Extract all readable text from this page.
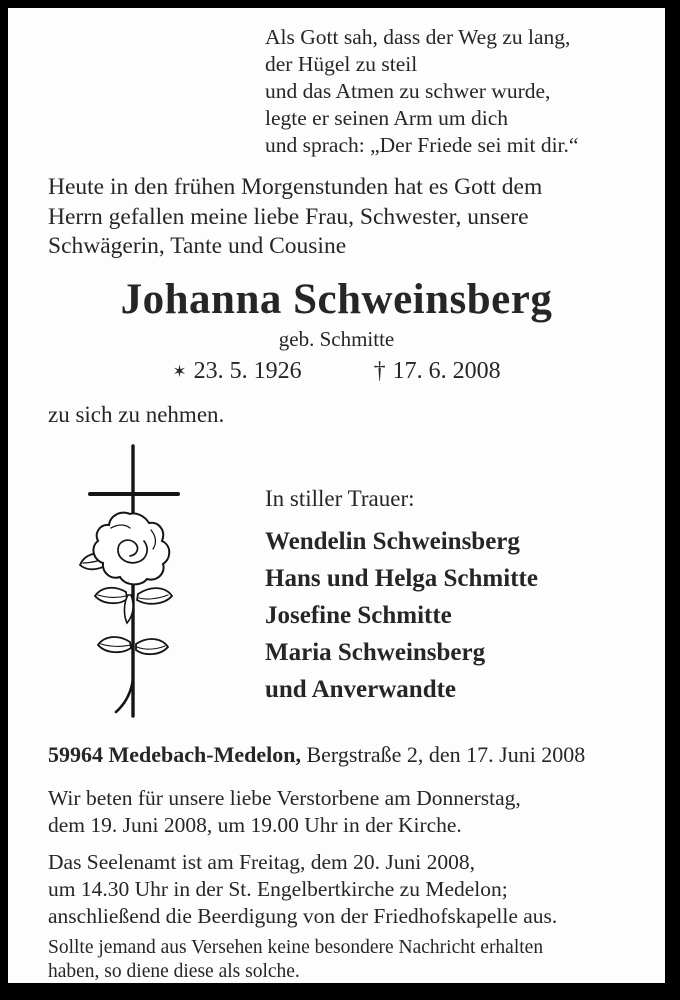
Als Gott sah, dass der Weg zu lang,
der Hügel zu steil
und das Atmen zu schwer wurde,
legte er seinen Arm um dich
und sprach: „Der Friede sei mit dir.“
Heute in den frühen Morgenstunden hat es Gott dem
Herrn gefallen meine liebe Frau, Schwester, unsere
Schwägerin, Tante und Cousine
Johanna Schweinsberg
geb. Schmitte
✶ 23. 5. 1926	† 17. 6. 2008
zu sich zu nehmen.
In stiller Trauer:
Wendelin Schweinsberg
Hans und Helga Schmitte
Josefine Schmitte
Maria Schweinsberg
und Anverwandte
59964 Medebach-Medelon, Bergstraße 2, den 17. Juni 2008
Wir beten für unsere liebe Verstorbene am Donnerstag,
dem 19. Juni 2008, um 19.00 Uhr in der Kirche.
Das Seelenamt ist am Freitag, dem 20. Juni 2008,
um 14.30 Uhr in der St. Engelbertkirche zu Medelon;
anschließend die Beerdigung von der Friedhofskapelle aus.
Sollte jemand aus Versehen keine besondere Nachricht erhalten
haben, so diene diese als solche.
